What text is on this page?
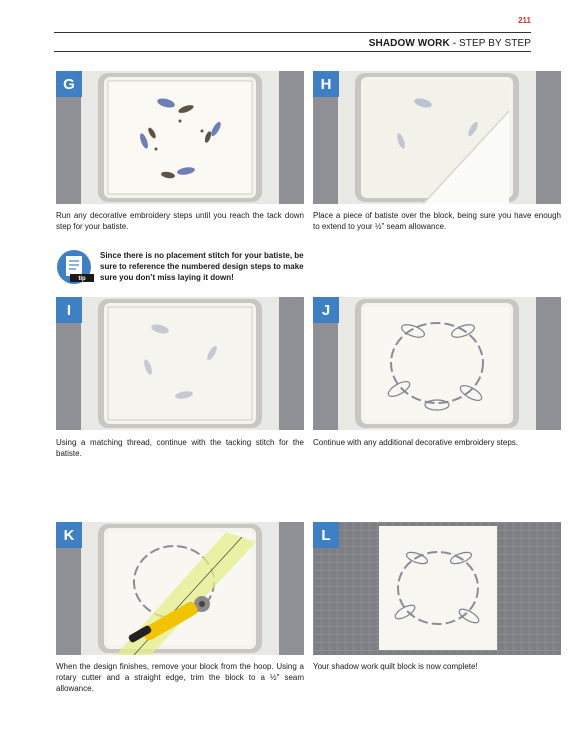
211
SHADOW WORK - STEP BY STEP
G
Run any decorative embroidery steps until you reach the tack down step for your batiste.
H
Place a piece of batiste over the block, being sure you have enough to extend to your ½" seam allowance.
tip
Since there is no placement stitch for your batiste, be sure to reference the numbered design steps to make sure you don’t miss laying it down!
I
Using a matching thread, continue with the tacking stitch for the batiste.
J
Continue with any additional decorative embroidery steps.
K
When the design finishes, remove your block from the hoop. Using a rotary cutter and a straight edge, trim the block to a ½" seam allowance.
L
Your shadow work quilt block is now complete!
